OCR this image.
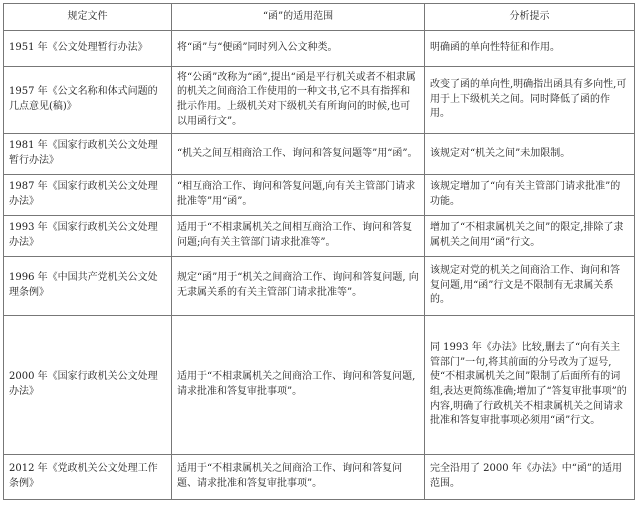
规定文件	“函”的适用范围	分析提示
1951 年《公文处理暂行办法》	将“函”与“便函”同时列入公文种类。	明确函的单向性特征和作用。
1957 年《公文名称和体式问题的几点意见(稿)》	将“公函”改称为“函”,提出“函是平行机关或者不相隶属的机关之间商洽工作使用的一种文书,它不具有指挥和批示作用。上级机关对下级机关有所询问的时候,也可以用函行文”。	改变了函的单向性,明确指出函具有多向性,可用于上下级机关之间。同时降低了函的作用。
1981 年《国家行政机关公文处理暂行办法》	“机关之间互相商洽工作、询问和答复问题等”用“函”。	该规定对“机关之间”未加限制。
1987 年《国家行政机关公文处理办法》	“相互商洽工作、询问和答复问题,向有关主管部门请求批准等”用“函”。	该规定增加了“向有关主管部门请求批准”的功能。
1993 年《国家行政机关公文处理办法》	适用于“不相隶属机关之间相互商洽工作、询问和答复问题;向有关主管部门请求批准等”。	增加了“不相隶属机关之间”的限定,排除了隶属机关之间用“函”行文。
1996 年《中国共产党机关公文处理条例》	规定“函”用于“机关之间商洽工作、询问和答复问题, 向无隶属关系的有关主管部门请求批准等”。	该规定对党的机关之间商洽工作、询问和答复问题,用“函”行文是不限制有无隶属关系的。
2000 年《国家行政机关公文处理办法》	适用于“不相隶属机关之间商洽工作、询问和答复问题,请求批准和答复审批事项”。	同 1993 年《办法》比较,删去了“向有关主管部门”一句,将其前面的分号改为了逗号,使“不相隶属机关之间”限制了后面所有的词组,表达更简练准确;增加了“答复审批事项”的内容,明确了行政机关不相隶属机关之间请求批准和答复审批事项必须用“函”行文。
2012 年《党政机关公文处理工作条例》	适用于“不相隶属机关之间商洽工作、询问和答复问题、请求批准和答复审批事项”。	完全沿用了 2000 年《办法》中“函”的适用范围。
